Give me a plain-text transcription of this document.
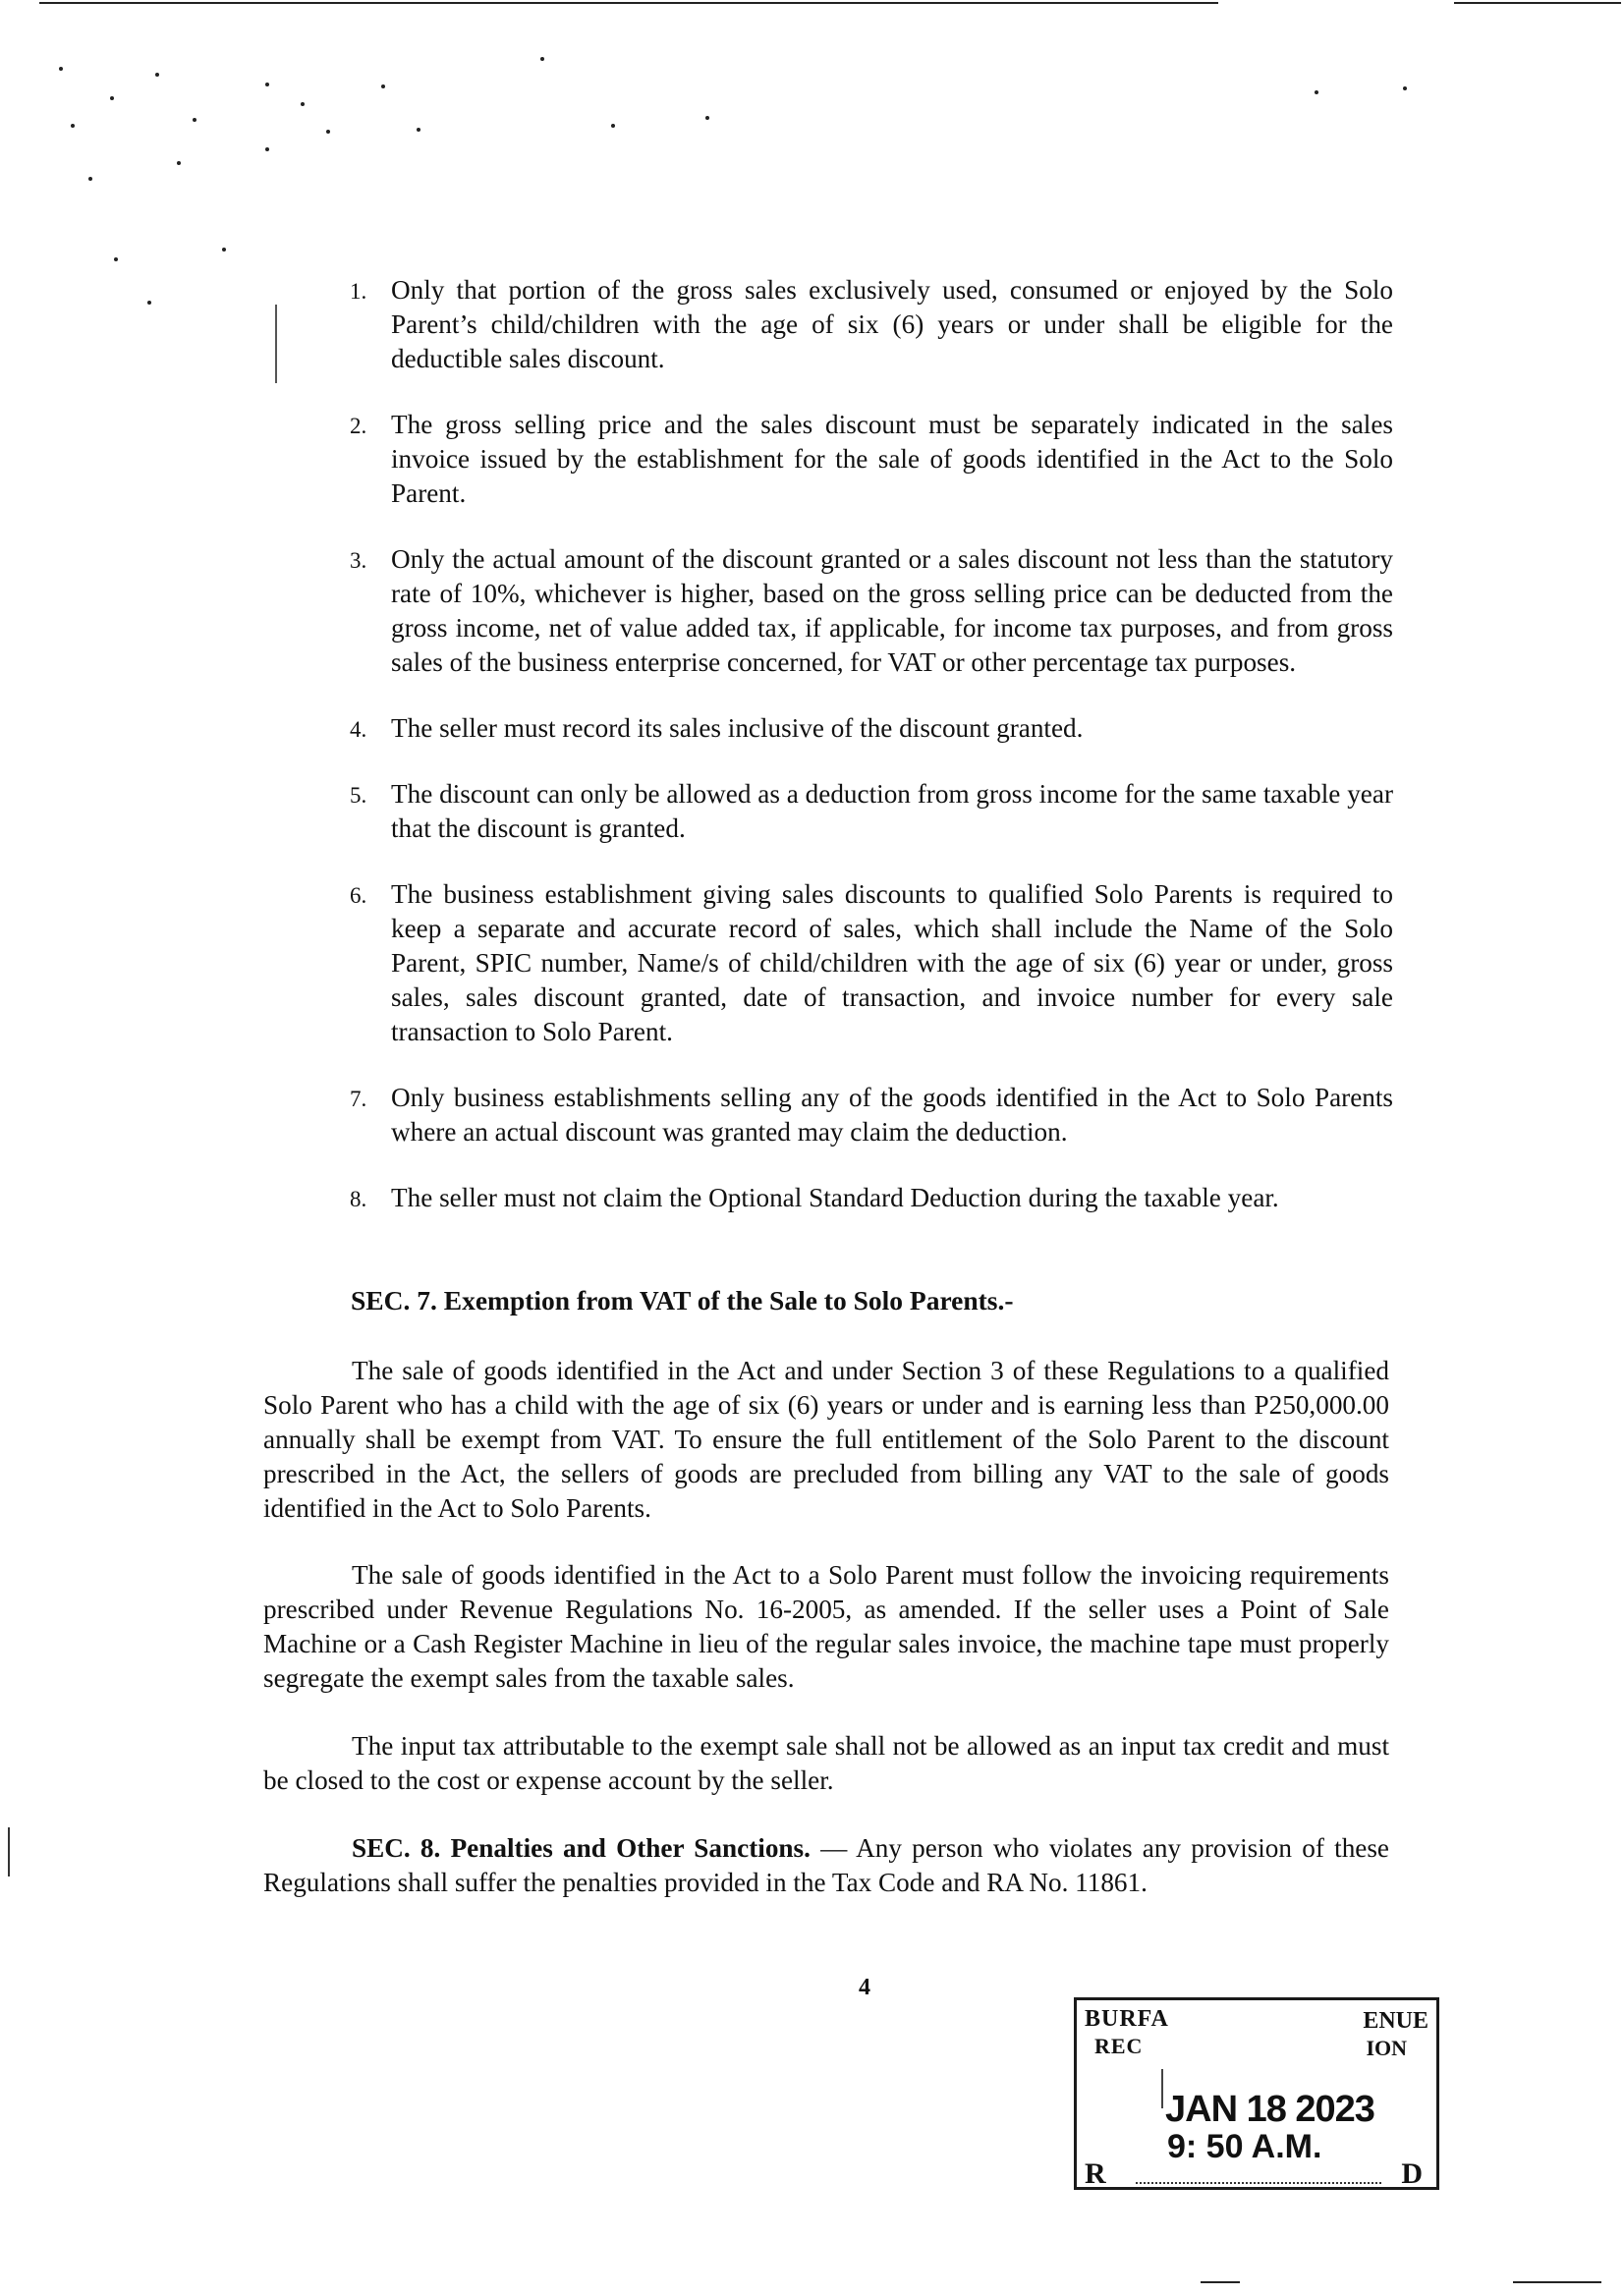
1. Only that portion of the gross sales exclusively used, consumed or enjoyed by the Solo Parent’s child/children with the age of six (6) years or under shall be eligible for the deductible sales discount.
2. The gross selling price and the sales discount must be separately indicated in the sales invoice issued by the establishment for the sale of goods identified in the Act to the Solo Parent.
3. Only the actual amount of the discount granted or a sales discount not less than the statutory rate of 10%, whichever is higher, based on the gross selling price can be deducted from the gross income, net of value added tax, if applicable, for income tax purposes, and from gross sales of the business enterprise concerned, for VAT or other percentage tax purposes.
4. The seller must record its sales inclusive of the discount granted.
5. The discount can only be allowed as a deduction from gross income for the same taxable year that the discount is granted.
6. The business establishment giving sales discounts to qualified Solo Parents is required to keep a separate and accurate record of sales, which shall include the Name of the Solo Parent, SPIC number, Name/s of child/children with the age of six (6) year or under, gross sales, sales discount granted, date of transaction, and invoice number for every sale transaction to Solo Parent.
7. Only business establishments selling any of the goods identified in the Act to Solo Parents where an actual discount was granted may claim the deduction.
8. The seller must not claim the Optional Standard Deduction during the taxable year.
SEC. 7. Exemption from VAT of the Sale to Solo Parents.-

The sale of goods identified in the Act and under Section 3 of these Regulations to a qualified Solo Parent who has a child with the age of six (6) years or under and is earning less than P250,000.00 annually shall be exempt from VAT. To ensure the full entitlement of the Solo Parent to the discount prescribed in the Act, the sellers of goods are precluded from billing any VAT to the sale of goods identified in the Act to Solo Parents.

The sale of goods identified in the Act to a Solo Parent must follow the invoicing requirements prescribed under Revenue Regulations No. 16-2005, as amended. If the seller uses a Point of Sale Machine or a Cash Register Machine in lieu of the regular sales invoice, the machine tape must properly segregate the exempt sales from the taxable sales.

The input tax attributable to the exempt sale shall not be allowed as an input tax credit and must be closed to the cost or expense account by the seller.

SEC. 8. Penalties and Other Sanctions. — Any person who violates any provision of these Regulations shall suffer the penalties provided in the Tax Code and RA No. 11861.

4
BURFA	ENUE
REC	ION
JAN 18 2023
9: 50 A.M.
R	D
